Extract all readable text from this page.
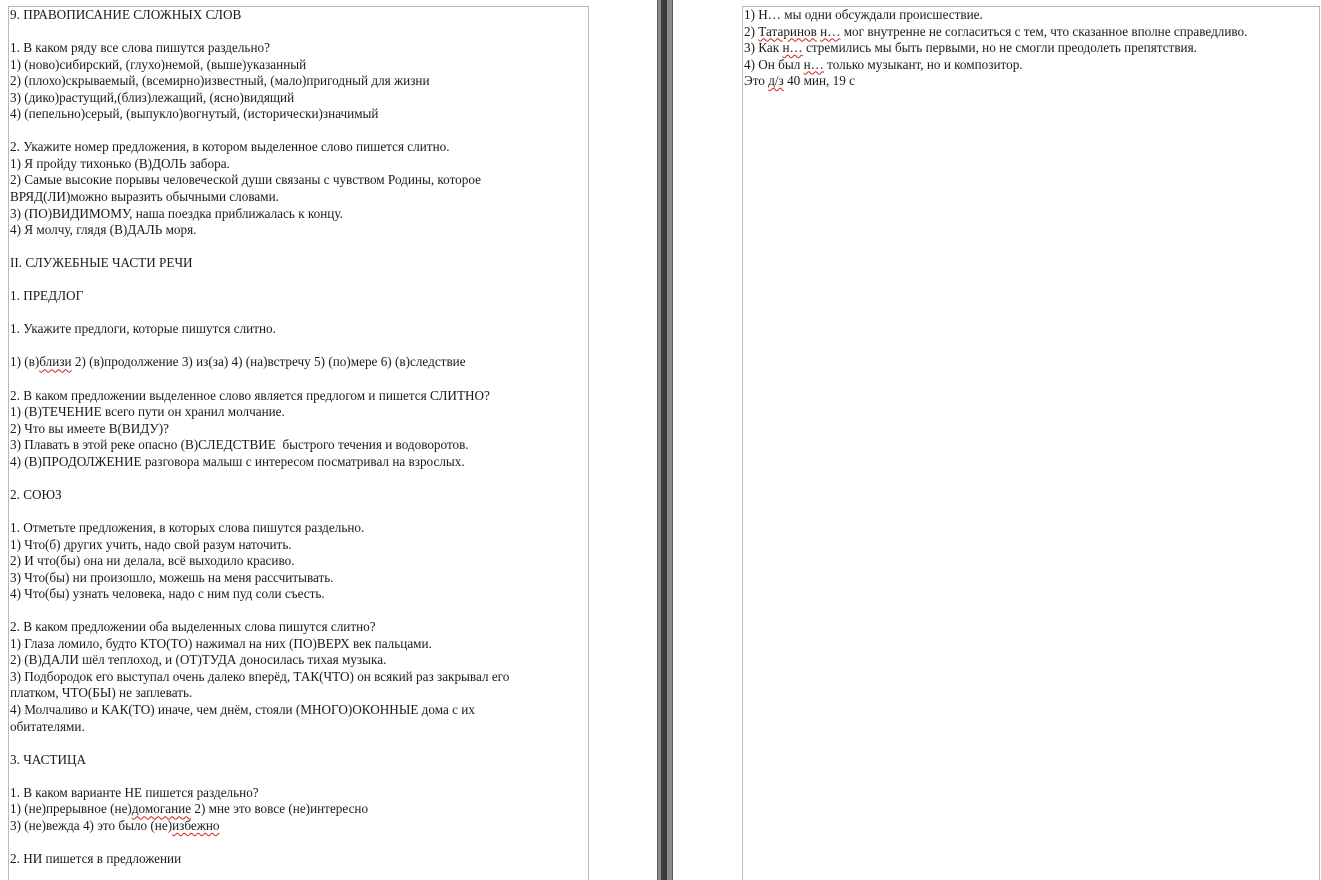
9. ПРАВОПИСАНИЕ СЛОЖНЫХ СЛОВ
1. В каком ряду все слова пишутся раздельно?
1) (ново)сибирский, (глухо)немой, (выше)указанный
2) (плохо)скрываемый, (всемирно)известный, (мало)пригодный для жизни
3) (дико)растущий,(близ)лежащий, (ясно)видящий
4) (пепельно)серый, (выпукло)вогнутый, (исторически)значимый
2. Укажите номер предложения, в котором выделенное слово пишется слитно.
1) Я пройду тихонько (В)ДОЛЬ забора.
2) Самые высокие порывы человеческой души связаны с чувством Родины, которое
ВРЯД(ЛИ)можно выразить обычными словами.
3) (ПО)ВИДИМОМУ, наша поездка приближалась к концу.
4) Я молчу, глядя (В)ДАЛЬ моря.
II. СЛУЖЕБНЫЕ ЧАСТИ РЕЧИ
1. ПРЕДЛОГ
1. Укажите предлоги, которые пишутся слитно.
1) (в)близи 2) (в)продолжение 3) из(за) 4) (на)встречу 5) (по)мере 6) (в)следствие
2. В каком предложении выделенное слово является предлогом и пишется СЛИТНО?
1) (В)ТЕЧЕНИЕ всего пути он хранил молчание.
2) Что вы имеете В(ВИДУ)?
3) Плавать в этой реке опасно (В)СЛЕДСТВИЕ  быстрого течения и водоворотов.
4) (В)ПРОДОЛЖЕНИЕ разговора малыш с интересом посматривал на взрослых.
2. СОЮЗ
1. Отметьте предложения, в которых слова пишутся раздельно.
1) Что(б) других учить, надо свой разум наточить.
2) И что(бы) она ни делала, всё выходило красиво.
3) Что(бы) ни произошло, можешь на меня рассчитывать.
4) Что(бы) узнать человека, надо с ним пуд соли съесть.
2. В каком предложении оба выделенных слова пишутся слитно?
1) Глаза ломило, будто КТО(ТО) нажимал на них (ПО)ВЕРХ век пальцами.
2) (В)ДАЛИ шёл теплоход, и (ОТ)ТУДА доносилась тихая музыка.
3) Подбородок его выступал очень далеко вперёд, ТАК(ЧТО) он всякий раз закрывал его
платком, ЧТО(БЫ) не заплевать.
4) Молчаливо и КАК(ТО) иначе, чем днём, стояли (МНОГО)ОКОННЫЕ дома с их
обитателями.
3. ЧАСТИЦА
1. В каком варианте НЕ пишется раздельно?
1) (не)прерывное (не)домогание 2) мне это вовсе (не)интересно
3) (не)вежда 4) это было (не)избежно
2. НИ пишется в предложении
1) Н… мы одни обсуждали происшествие.
2) Татаринов н… мог внутренне не согласиться с тем, что сказанное вполне справедливо.
3) Как н… стремились мы быть первыми, но не смогли преодолеть препятствия.
4) Он был н… только музыкант, но и композитор.
Это д/з 40 мин, 19 с
